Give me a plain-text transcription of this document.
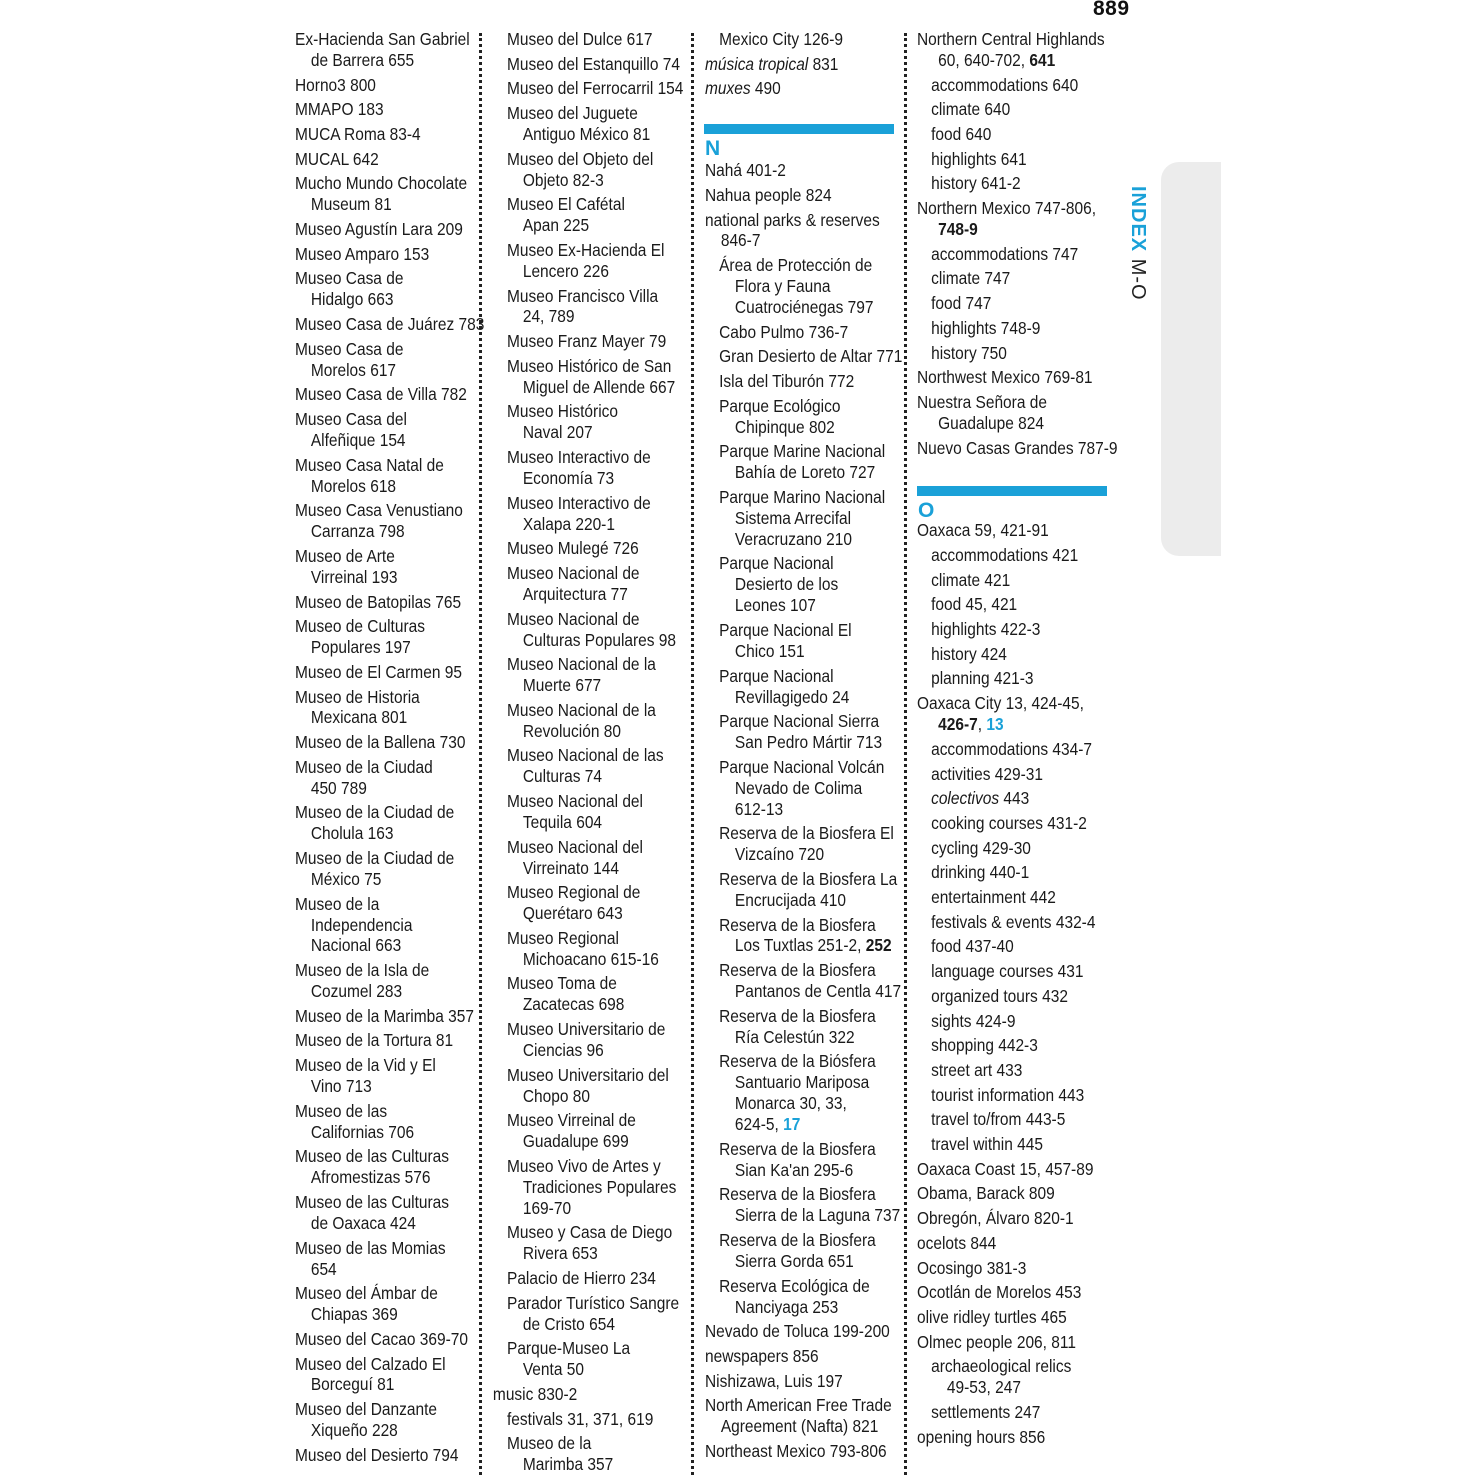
889
INDEX M-O
N
O
Ex-Hacienda San Gabriel
de Barrera 655
Horno3 800
MMAPO 183
MUCA Roma 83-4
MUCAL 642
Mucho Mundo Chocolate
Museum 81
Museo Agustín Lara 209
Museo Amparo 153
Museo Casa de
Hidalgo 663
Museo Casa de Juárez 783
Museo Casa de
Morelos 617
Museo Casa de Villa 782
Museo Casa del
Alfeñique 154
Museo Casa Natal de
Morelos 618
Museo Casa Venustiano
Carranza 798
Museo de Arte
Virreinal 193
Museo de Batopilas 765
Museo de Culturas
Populares 197
Museo de El Carmen 95
Museo de Historia
Mexicana 801
Museo de la Ballena 730
Museo de la Ciudad
450 789
Museo de la Ciudad de
Cholula 163
Museo de la Ciudad de
México 75
Museo de la
Independencia
Nacional 663
Museo de la Isla de
Cozumel 283
Museo de la Marimba 357
Museo de la Tortura 81
Museo de la Vid y El
Vino 713
Museo de las
Californias 706
Museo de las Culturas
Afromestizas 576
Museo de las Culturas
de Oaxaca 424
Museo de las Momias
654
Museo del Ámbar de
Chiapas 369
Museo del Cacao 369-70
Museo del Calzado El
Borceguí 81
Museo del Danzante
Xiqueño 228
Museo del Desierto 794
Museo del Dulce 617
Museo del Estanquillo 74
Museo del Ferrocarril 154
Museo del Juguete
Antiguo México 81
Museo del Objeto del
Objeto 82-3
Museo El Cafétal
Apan 225
Museo Ex-Hacienda El
Lencero 226
Museo Francisco Villa
24, 789
Museo Franz Mayer 79
Museo Histórico de San
Miguel de Allende 667
Museo Histórico
Naval 207
Museo Interactivo de
Economía 73
Museo Interactivo de
Xalapa 220-1
Museo Mulegé 726
Museo Nacional de
Arquitectura 77
Museo Nacional de
Culturas Populares 98
Museo Nacional de la
Muerte 677
Museo Nacional de la
Revolución 80
Museo Nacional de las
Culturas 74
Museo Nacional del
Tequila 604
Museo Nacional del
Virreinato 144
Museo Regional de
Querétaro 643
Museo Regional
Michoacano 615-16
Museo Toma de
Zacatecas 698
Museo Universitario de
Ciencias 96
Museo Universitario del
Chopo 80
Museo Virreinal de
Guadalupe 699
Museo Vivo de Artes y
Tradiciones Populares
169-70
Museo y Casa de Diego
Rivera 653
Palacio de Hierro 234
Parador Turístico Sangre
de Cristo 654
Parque-Museo La
Venta 50
music 830-2
festivals 31, 371, 619
Museo de la
Marimba 357
Mexico City 126-9
música tropical 831
muxes 490
Nahá 401-2
Nahua people 824
national parks & reserves
846-7
Área de Protección de
Flora y Fauna
Cuatrociénegas 797
Cabo Pulmo 736-7
Gran Desierto de Altar 771
Isla del Tiburón 772
Parque Ecológico
Chipinque 802
Parque Marine Nacional
Bahía de Loreto 727
Parque Marino Nacional
Sistema Arrecifal
Veracruzano 210
Parque Nacional
Desierto de los
Leones 107
Parque Nacional El
Chico 151
Parque Nacional
Revillagigedo 24
Parque Nacional Sierra
San Pedro Mártir 713
Parque Nacional Volcán
Nevado de Colima
612-13
Reserva de la Biosfera El
Vizcaíno 720
Reserva de la Biosfera La
Encrucijada 410
Reserva de la Biosfera
Los Tuxtlas 251-2, 252
Reserva de la Biosfera
Pantanos de Centla 417
Reserva de la Biosfera
Ría Celestún 322
Reserva de la Biósfera
Santuario Mariposa
Monarca 30, 33,
624-5, 17
Reserva de la Biosfera
Sian Ka'an 295-6
Reserva de la Biosfera
Sierra de la Laguna 737
Reserva de la Biosfera
Sierra Gorda 651
Reserva Ecológica de
Nanciyaga 253
Nevado de Toluca 199-200
newspapers 856
Nishizawa, Luis 197
North American Free Trade
Agreement (Nafta) 821
Northeast Mexico 793-806
Northern Central Highlands
60, 640-702, 641
accommodations 640
climate 640
food 640
highlights 641
history 641-2
Northern Mexico 747-806,
748-9
accommodations 747
climate 747
food 747
highlights 748-9
history 750
Northwest Mexico 769-81
Nuestra Señora de
Guadalupe 824
Nuevo Casas Grandes 787-9
Oaxaca 59, 421-91
accommodations 421
climate 421
food 45, 421
highlights 422-3
history 424
planning 421-3
Oaxaca City 13, 424-45,
426-7, 13
accommodations 434-7
activities 429-31
colectivos 443
cooking courses 431-2
cycling 429-30
drinking 440-1
entertainment 442
festivals & events 432-4
food 437-40
language courses 431
organized tours 432
sights 424-9
shopping 442-3
street art 433
tourist information 443
travel to/from 443-5
travel within 445
Oaxaca Coast 15, 457-89
Obama, Barack 809
Obregón, Álvaro 820-1
ocelots 844
Ocosingo 381-3
Ocotlán de Morelos 453
olive ridley turtles 465
Olmec people 206, 811
archaeological relics
49-53, 247
settlements 247
opening hours 856
